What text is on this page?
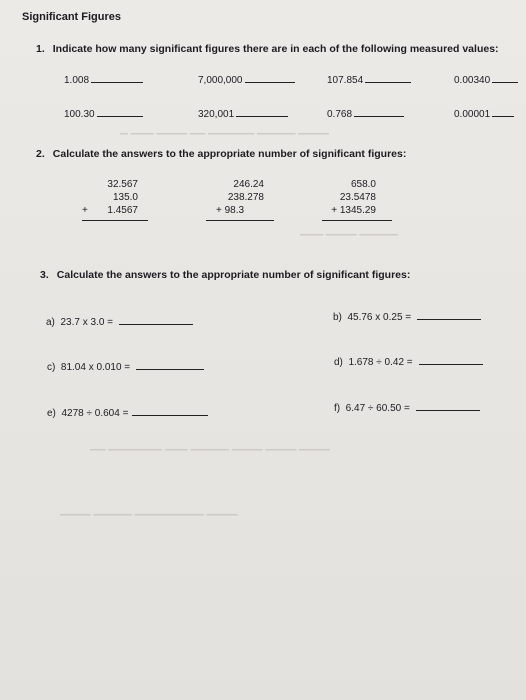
Significant Figures
1. Indicate how many significant figures there are in each of the following measured values:
1.008	7,000,000	107.854	0.00340
100.30	320,001	0.768	0.00001
▁ ▁▁▁ ▁▁▁▁ ▁▁ ▁▁▁▁▁▁ ▁▁▁▁▁ ▁▁▁▁
▁▁▁ ▁▁▁▁ ▁▁▁▁▁
2. Calculate the answers to the appropriate number of significant figures:
32.567
135.0
+ 1.4567
246.24
238.278
+ 98.3
658.0
23.5478
+ 1345.29
3. Calculate the answers to the appropriate number of significant figures:
a) 23.7 x 3.0 =	b) 45.76 x 0.25 =
c) 81.04 x 0.010 =	d) 1.678 ÷ 0.42 =
e) 4278 ÷ 0.604 =	f) 6.47 ÷ 60.50 =
▁▁ ▁▁▁▁▁▁▁ ▁▁▁ ▁▁▁▁▁ ▁▁▁▁ ▁▁▁▁ ▁▁▁▁
▁▁▁▁ ▁▁▁▁▁ ▁▁▁▁▁▁▁▁▁ ▁▁▁▁
